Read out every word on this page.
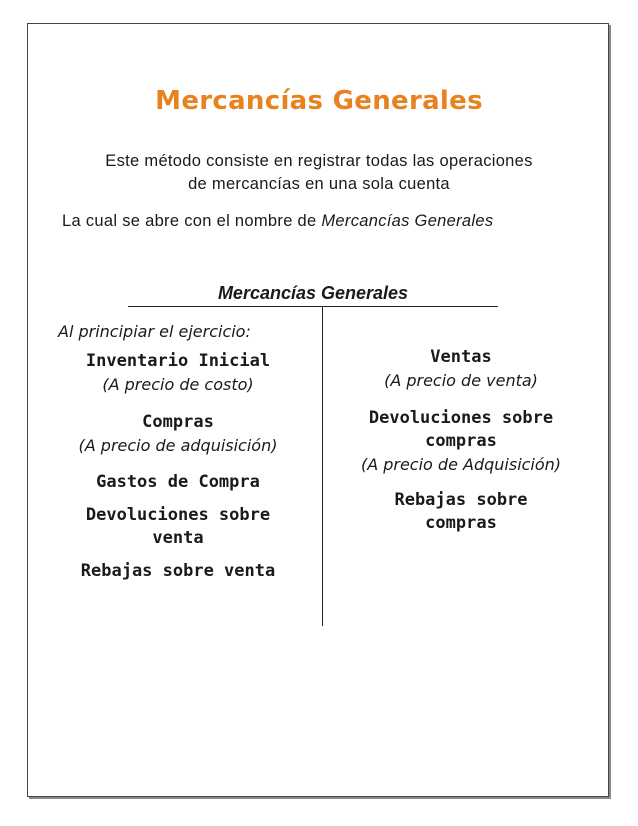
Mercancías Generales
Este método consiste en registrar todas las operaciones
de mercancías en una sola cuenta
La cual se abre con el nombre de Mercancías Generales
Mercancías Generales
Al principiar el ejercicio:
Inventario Inicial
(A precio de costo)
Compras
(A precio de adquisición)
Gastos de Compra
Devoluciones sobre venta
Rebajas sobre venta
Ventas
(A precio de venta)
Devoluciones sobre compras
(A precio de Adquisición)
Rebajas sobre compras
